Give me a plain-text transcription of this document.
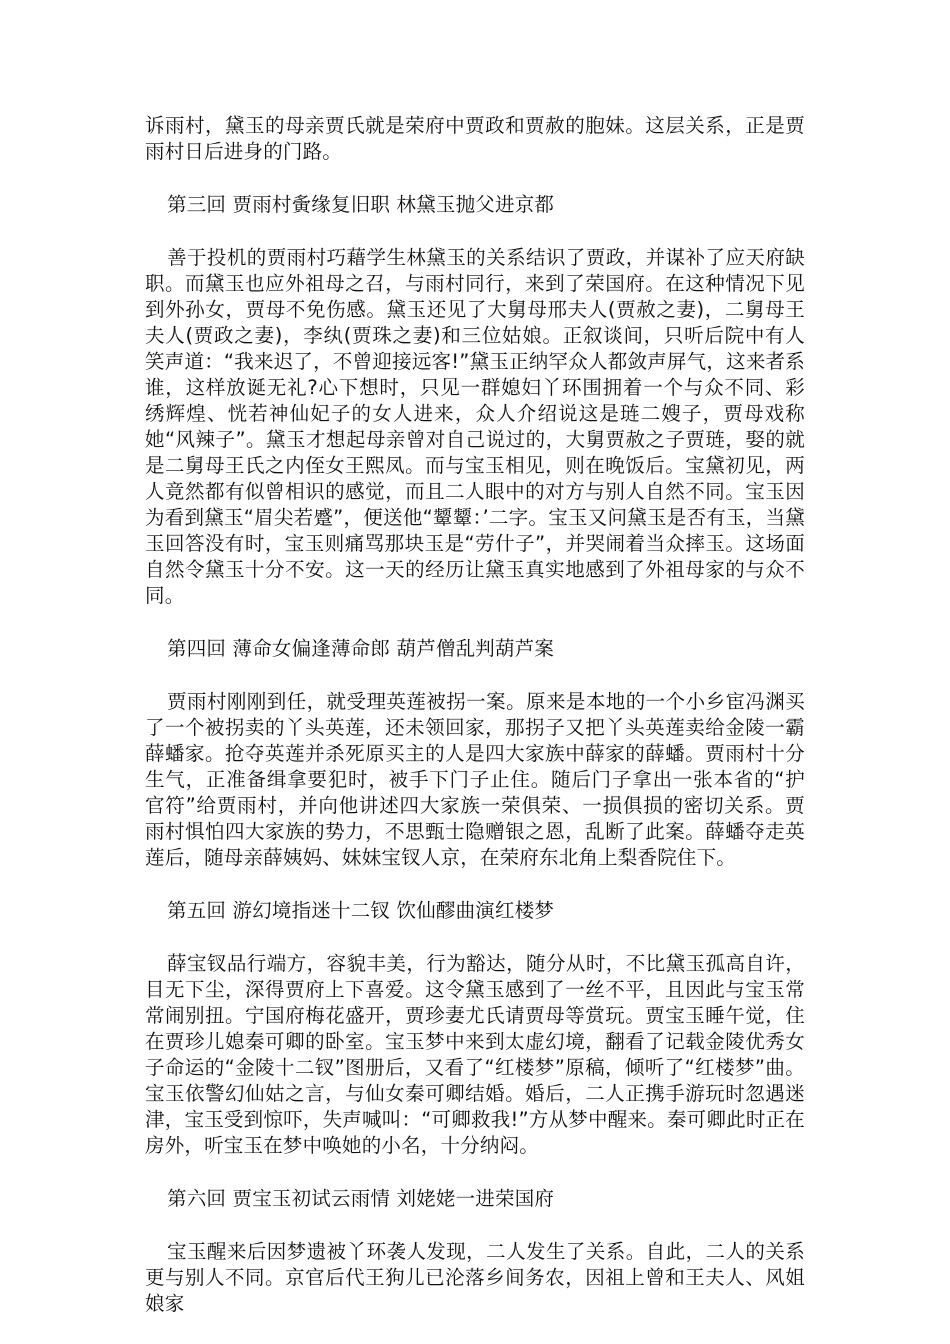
诉雨村，黛玉的母亲贾氏就是荣府中贾政和贾赦的胞妹。这层关系，正是贾雨村日后进身的门路。

第三回 贾雨村夤缘复旧职 林黛玉抛父进京都

善于投机的贾雨村巧藉学生林黛玉的关系结识了贾政，并谋补了应天府缺职。而黛玉也应外祖母之召，与雨村同行，来到了荣国府。在这种情况下见到外孙女，贾母不免伤感。黛玉还见了大舅母邢夫人(贾赦之妻)，二舅母王夫人(贾政之妻)，李纨(贾珠之妻)和三位姑娘。正叙谈间，只听后院中有人笑声道：“我来迟了，不曾迎接远客!”黛玉正纳罕众人都敛声屏气，这来者系谁，这样放诞无礼?心下想时，只见一群媳妇丫环围拥着一个与众不同、彩绣辉煌、恍若神仙妃子的女人进来，众人介绍说这是琏二嫂子，贾母戏称她“风辣子”。黛玉才想起母亲曾对自己说过的，大舅贾赦之子贾琏，娶的就是二舅母王氏之内侄女王熙凤。而与宝玉相见，则在晚饭后。宝黛初见，两人竟然都有似曾相识的感觉，而且二人眼中的对方与别人自然不同。宝玉因为看到黛玉“眉尖若蹙”，便送他“颦颦：’二字。宝玉又问黛玉是否有玉，当黛玉回答没有时，宝玉则痛骂那块玉是“劳什子”，并哭闹着当众摔玉。这场面自然令黛玉十分不安。这一天的经历让黛玉真实地感到了外祖母家的与众不同。

第四回 薄命女偏逢薄命郎 葫芦僧乱判葫芦案

贾雨村刚刚到任，就受理英莲被拐一案。原来是本地的一个小乡宦冯渊买了一个被拐卖的丫头英莲，还未领回家，那拐子又把丫头英莲卖给金陵一霸薛蟠家。抢夺英莲并杀死原买主的人是四大家族中薛家的薛蟠。贾雨村十分生气，正准备缉拿要犯时，被手下门子止住。随后门子拿出一张本省的“护官符”给贾雨村，并向他讲述四大家族一荣俱荣、一损俱损的密切关系。贾雨村惧怕四大家族的势力，不思甄士隐赠银之恩，乱断了此案。薛蟠夺走英莲后，随母亲薛姨妈、妹妹宝钗人京，在荣府东北角上梨香院住下。

第五回 游幻境指迷十二钗 饮仙醪曲演红楼梦

薛宝钗品行端方，容貌丰美，行为豁达，随分从时，不比黛玉孤高自许，目无下尘，深得贾府上下喜爱。这令黛玉感到了一丝不平，且因此与宝玉常常闹别扭。宁国府梅花盛开，贾珍妻尤氏请贾母等赏玩。贾宝玉睡午觉，住在贾珍儿媳秦可卿的卧室。宝玉梦中来到太虚幻境，翻看了记载金陵优秀女子命运的“金陵十二钗”图册后，又看了“红楼梦”原稿，倾听了“红楼梦”曲。宝玉依警幻仙姑之言，与仙女秦可卿结婚。婚后，二人正携手游玩时忽遇迷津，宝玉受到惊吓，失声喊叫：“可卿救我!”方从梦中醒来。秦可卿此时正在房外，听宝玉在梦中唤她的小名，十分纳闷。

第六回 贾宝玉初试云雨情 刘姥姥一进荣国府

宝玉醒来后因梦遗被丫环袭人发现，二人发生了关系。自此，二人的关系更与别人不同。京官后代王狗儿已沦落乡间务农，因祖上曾和王夫人、风姐娘家
